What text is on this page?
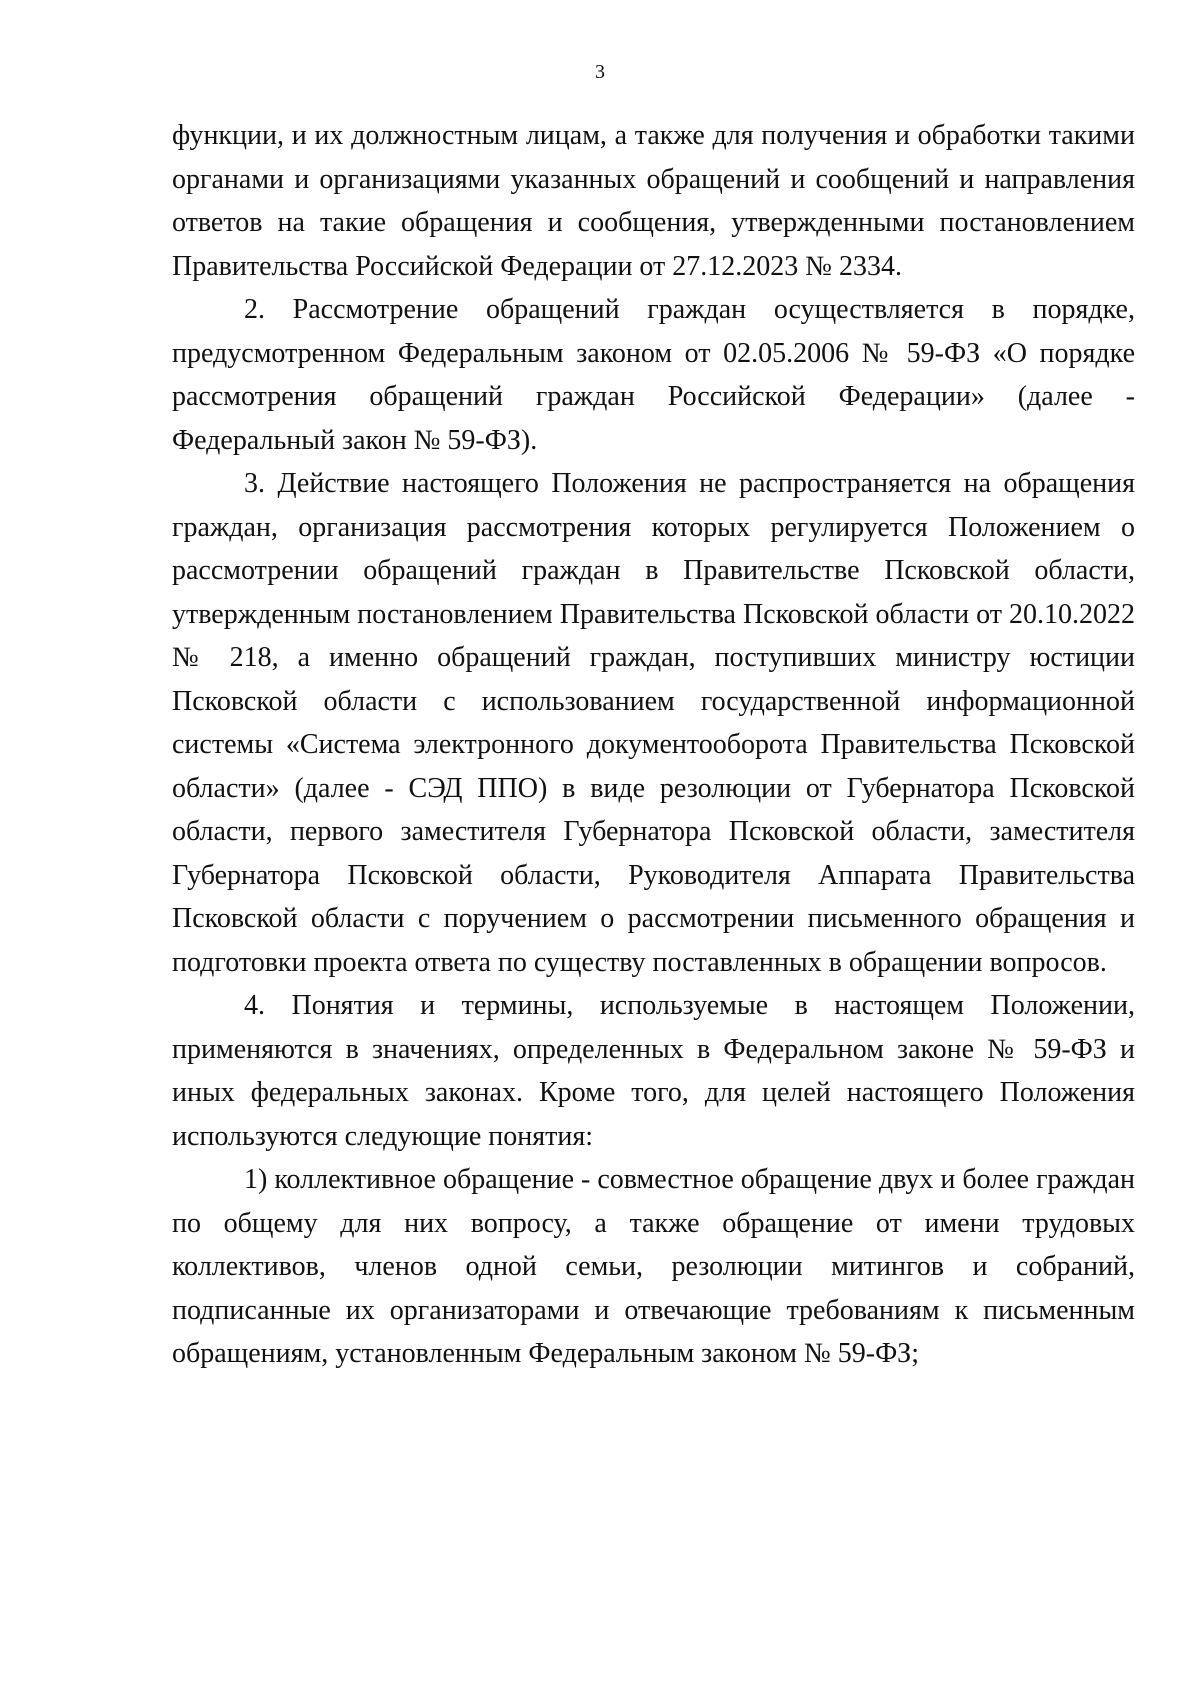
3

функции, и их должностным лицам, а также для получения и обработки такими органами и организациями указанных обращений и сообщений и направления ответов на такие обращения и сообщения, утвержденными постановлением Правительства Российской Федерации от 27.12.2023 № 2334.

2. Рассмотрение обращений граждан осуществляется в порядке, предусмотренном Федеральным законом от 02.05.2006 № 59-ФЗ «О порядке рассмотрения обращений граждан Российской Федерации» (далее - Федеральный закон № 59-ФЗ).

3. Действие настоящего Положения не распространяется на обращения граждан, организация рассмотрения которых регулируется Положением о рассмотрении обращений граждан в Правительстве Псковской области, утвержденным постановлением Правительства Псковской области от 20.10.2022 № 218, а именно обращений граждан, поступивших министру юстиции Псковской области с использованием государственной информационной системы «Система электронного документооборота Правительства Псковской области» (далее - СЭД ППО) в виде резолюции от Губернатора Псковской области, первого заместителя Губернатора Псковской области, заместителя Губернатора Псковской области, Руководителя Аппарата Правительства Псковской области с поручением о рассмотрении письменного обращения и подготовки проекта ответа по существу поставленных в обращении вопросов.

4. Понятия и термины, используемые в настоящем Положении, применяются в значениях, определенных в Федеральном законе № 59-ФЗ и иных федеральных законах. Кроме того, для целей настоящего Положения используются следующие понятия:

1) коллективное обращение - совместное обращение двух и более граждан по общему для них вопросу, а также обращение от имени трудовых коллективов, членов одной семьи, резолюции митингов и собраний, подписанные их организаторами и отвечающие требованиям к письменным обращениям, установленным Федеральным законом № 59-ФЗ;
